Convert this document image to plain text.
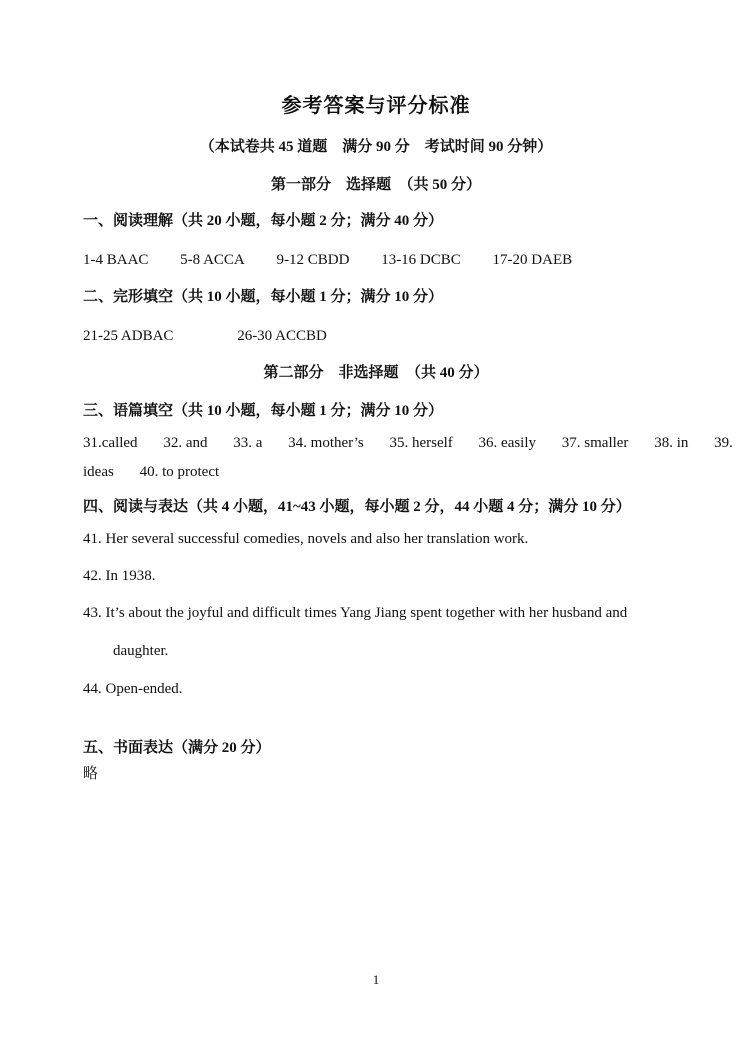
参考答案与评分标准
（本试卷共 45 道题　满分 90 分　考试时间 90 分钟）
第一部分　选择题　（共 50 分）
一、阅读理解（共 20 小题，每小题 2 分；满分 40 分）
1-4 BAAC 5-8 ACCA 9-12 CBDD 13-16 DCBC 17-20 DAEB
二、完形填空（共 10 小题，每小题 1 分；满分 10 分）
21-25 ADBAC	26-30 ACCBD
第二部分　非选择题　（共 40 分）
三、语篇填空（共 10 小题，每小题 1 分；满分 10 分）
31.called 32. and 33. a 34. mother’s 35. herself 36. easily 37. smaller 38. in 39.
ideas 40. to protect
四、阅读与表达（共 4 小题，41~43 小题，每小题 2 分，44 小题 4 分；满分 10 分）
41. Her several successful comedies, novels and also her translation work.
42. In 1938.
43. It’s about the joyful and difficult times Yang Jiang spent together with her husband and
daughter.
44. Open-ended.
五、书面表达（满分 20 分）
略
1
